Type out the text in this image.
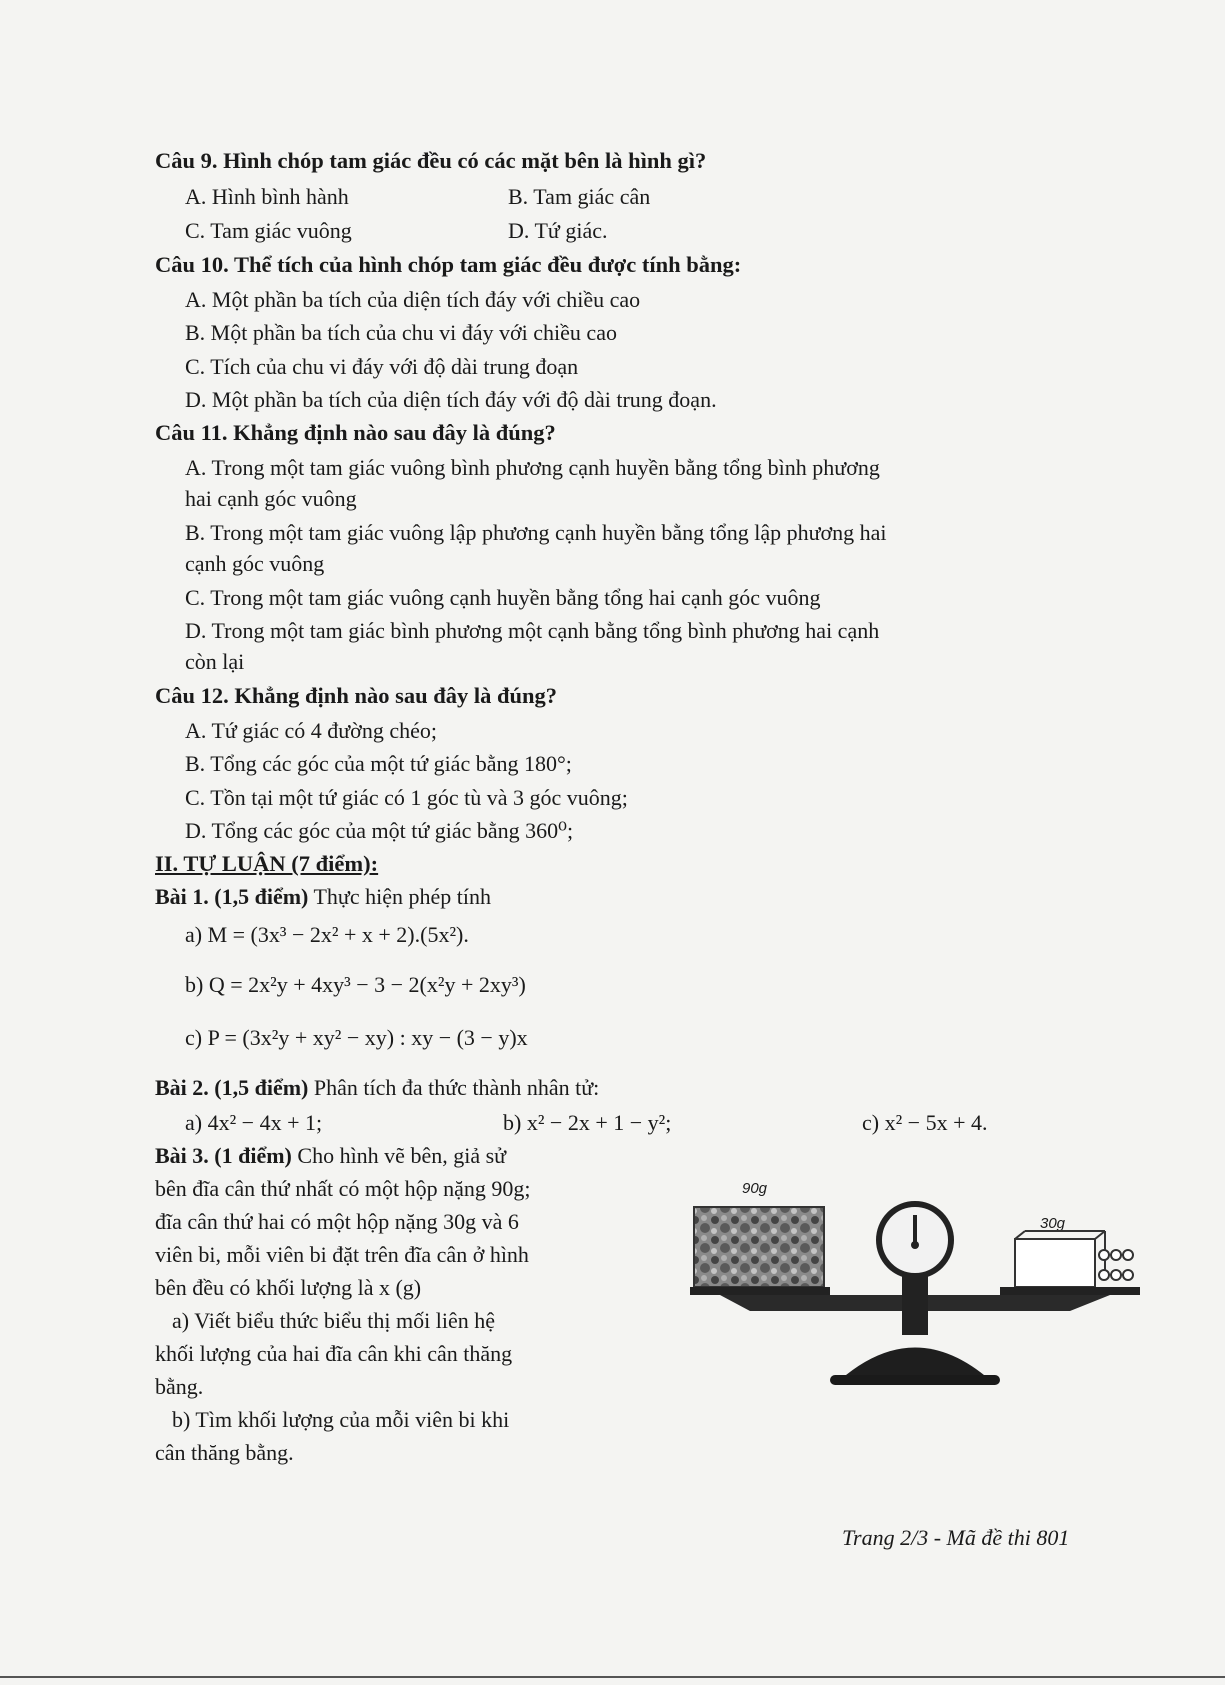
Câu 9. Hình chóp tam giác đều có các mặt bên là hình gì?
A. Hình bình hành	B. Tam giác cân
C. Tam giác vuông	D. Tứ giác.
Câu 10. Thể tích của hình chóp tam giác đều được tính bằng:
A. Một phần ba tích của diện tích đáy với chiều cao
B. Một phần ba tích của chu vi đáy với chiều cao
C. Tích của chu vi đáy với độ dài trung đoạn
D. Một phần ba tích của diện tích đáy với độ dài trung đoạn.
Câu 11. Khẳng định nào sau đây là đúng?
A. Trong một tam giác vuông bình phương cạnh huyền bằng tổng bình phương
hai cạnh góc vuông
B. Trong một tam giác vuông lập phương cạnh huyền bằng tổng lập phương hai
cạnh góc vuông
C. Trong một tam giác vuông cạnh huyền bằng tổng hai cạnh góc vuông
D. Trong một tam giác bình phương một cạnh bằng tổng bình phương hai cạnh
còn lại
Câu 12. Khẳng định nào sau đây là đúng?
A. Tứ giác có 4 đường chéo;
B. Tổng các góc của một tứ giác bằng 180°;
C. Tồn tại một tứ giác có 1 góc tù và 3 góc vuông;
D. Tổng các góc của một tứ giác bằng 360⁰;
II. TỰ LUẬN (7 điểm):
Bài 1. (1,5 điểm) Thực hiện phép tính
a) M = (3x³ − 2x² + x + 2).(5x²).
b) Q = 2x²y + 4xy³ − 3 − 2(x²y + 2xy³)
c) P = (3x²y + xy² − xy) : xy − (3 − y)x
Bài 2. (1,5 điểm) Phân tích đa thức thành nhân tử:
a) 4x² − 4x + 1;	b) x² − 2x + 1 − y²;	c) x² − 5x + 4.
Bài 3. (1 điểm) Cho hình vẽ bên, giả sử
bên đĩa cân thứ nhất có một hộp nặng 90g;
đĩa cân thứ hai có một hộp nặng 30g và 6
viên bi, mỗi viên bi đặt trên đĩa cân ở hình
bên đều có khối lượng là x (g)
a) Viết biểu thức biểu thị mối liên hệ
khối lượng của hai đĩa cân khi cân thăng
bằng.
b) Tìm khối lượng của mỗi viên bi khi
cân thăng bằng.
90g
30g
Trang 2/3 - Mã đề thi 801
